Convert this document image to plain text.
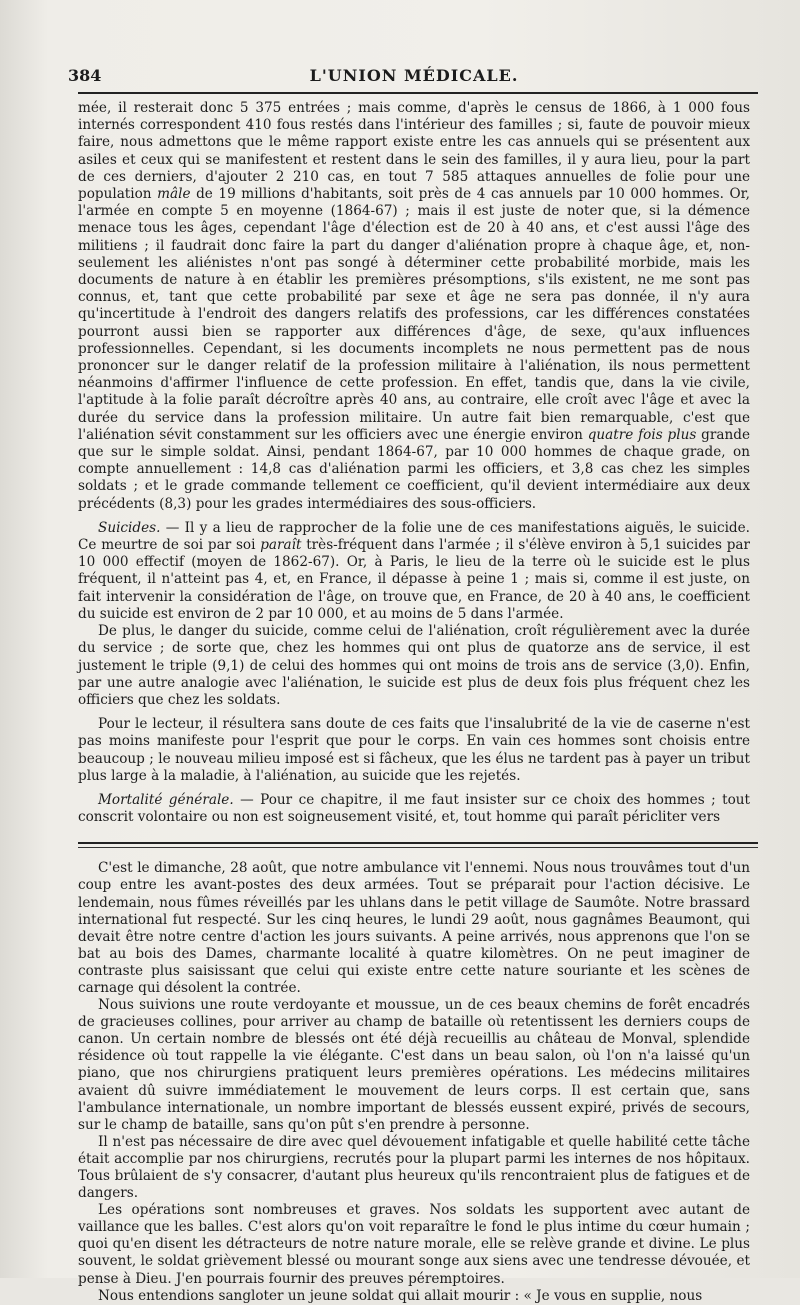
384	L'UNION MÉDICALE.

mée, il resterait donc 5 375 entrées ; mais comme, d'après le census de 1866, à 1 000 fous internés correspondent 410 fous restés dans l'intérieur des familles ; si, faute de pouvoir mieux faire, nous admettons que le même rapport existe entre les cas annuels qui se présentent aux asiles et ceux qui se manifestent et restent dans le sein des familles, il y aura lieu, pour la part de ces derniers, d'ajouter 2 210 cas, en tout 7 585 attaques annuelles de folie pour une population mâle de 19 millions d'habitants, soit près de 4 cas annuels par 10 000 hommes. Or, l'armée en compte 5 en moyenne (1864-67) ; mais il est juste de noter que, si la démence menace tous les âges, cependant l'âge d'élection est de 20 à 40 ans, et c'est aussi l'âge des militiens ; il faudrait donc faire la part du danger d'aliénation propre à chaque âge, et, non-seulement les aliénistes n'ont pas songé à déterminer cette probabilité morbide, mais les documents de nature à en établir les premières présomptions, s'ils existent, ne me sont pas connus, et, tant que cette probabilité par sexe et âge ne sera pas donnée, il n'y aura qu'incertitude à l'endroit des dangers relatifs des professions, car les différences constatées pourront aussi bien se rapporter aux différences d'âge, de sexe, qu'aux influences professionnelles. Cependant, si les documents incomplets ne nous permettent pas de nous prononcer sur le danger relatif de la profession militaire à l'aliénation, ils nous permettent néanmoins d'affirmer l'influence de cette profession. En effet, tandis que, dans la vie civile, l'aptitude à la folie paraît décroître après 40 ans, au contraire, elle croît avec l'âge et avec la durée du service dans la profession militaire. Un autre fait bien remarquable, c'est que l'aliénation sévit constamment sur les officiers avec une énergie environ quatre fois plus grande que sur le simple soldat. Ainsi, pendant 1864-67, par 10 000 hommes de chaque grade, on compte annuellement : 14,8 cas d'aliénation parmi les officiers, et 3,8 cas chez les simples soldats ; et le grade commande tellement ce coefficient, qu'il devient intermédiaire aux deux précédents (8,3) pour les grades intermédiaires des sous-officiers.

Suicides. — Il y a lieu de rapprocher de la folie une de ces manifestations aiguës, le suicide. Ce meurtre de soi par soi paraît très-fréquent dans l'armée ; il s'élève environ à 5,1 suicides par 10 000 effectif (moyen de 1862-67). Or, à Paris, le lieu de la terre où le suicide est le plus fréquent, il n'atteint pas 4, et, en France, il dépasse à peine 1 ; mais si, comme il est juste, on fait intervenir la considération de l'âge, on trouve que, en France, de 20 à 40 ans, le coefficient du suicide est environ de 2 par 10 000, et au moins de 5 dans l'armée.

De plus, le danger du suicide, comme celui de l'aliénation, croît régulièrement avec la durée du service ; de sorte que, chez les hommes qui ont plus de quatorze ans de service, il est justement le triple (9,1) de celui des hommes qui ont moins de trois ans de service (3,0). Enfin, par une autre analogie avec l'aliénation, le suicide est plus de deux fois plus fréquent chez les officiers que chez les soldats.

Pour le lecteur, il résultera sans doute de ces faits que l'insalubrité de la vie de caserne n'est pas moins manifeste pour l'esprit que pour le corps. En vain ces hommes sont choisis entre beaucoup ; le nouveau milieu imposé est si fâcheux, que les élus ne tardent pas à payer un tribut plus large à la maladie, à l'aliénation, au suicide que les rejetés.

Mortalité générale. — Pour ce chapitre, il me faut insister sur ce choix des hommes ; tout conscrit volontaire ou non est soigneusement visité, et, tout homme qui paraît péricliter vers

C'est le dimanche, 28 août, que notre ambulance vit l'ennemi. Nous nous trouvâmes tout d'un coup entre les avant-postes des deux armées. Tout se préparait pour l'action décisive. Le lendemain, nous fûmes réveillés par les uhlans dans le petit village de Saumôte. Notre brassard international fut respecté. Sur les cinq heures, le lundi 29 août, nous gagnâmes Beaumont, qui devait être notre centre d'action les jours suivants. A peine arrivés, nous apprenons que l'on se bat au bois des Dames, charmante localité à quatre kilomètres. On ne peut imaginer de contraste plus saisissant que celui qui existe entre cette nature souriante et les scènes de carnage qui désolent la contrée.

Nous suivions une route verdoyante et moussue, un de ces beaux chemins de forêt encadrés de gracieuses collines, pour arriver au champ de bataille où retentissent les derniers coups de canon. Un certain nombre de blessés ont été déjà recueillis au château de Monval, splendide résidence où tout rappelle la vie élégante. C'est dans un beau salon, où l'on n'a laissé qu'un piano, que nos chirurgiens pratiquent leurs premières opérations. Les médecins militaires avaient dû suivre immédiatement le mouvement de leurs corps. Il est certain que, sans l'ambulance internationale, un nombre important de blessés eussent expiré, privés de secours, sur le champ de bataille, sans qu'on pût s'en prendre à personne.

Il n'est pas nécessaire de dire avec quel dévouement infatigable et quelle habilité cette tâche était accomplie par nos chirurgiens, recrutés pour la plupart parmi les internes de nos hôpitaux. Tous brûlaient de s'y consacrer, d'autant plus heureux qu'ils rencontraient plus de fatigues et de dangers.

Les opérations sont nombreuses et graves. Nos soldats les supportent avec autant de vaillance que les balles. C'est alors qu'on voit reparaître le fond le plus intime du cœur humain ; quoi qu'en disent les détracteurs de notre nature morale, elle se relève grande et divine. Le plus souvent, le soldat grièvement blessé ou mourant songe aux siens avec une tendresse dévouée, et pense à Dieu. J'en pourrais fournir des preuves péremptoires.

Nous entendions sangloter un jeune soldat qui allait mourir : « Je vous en supplie, nous
